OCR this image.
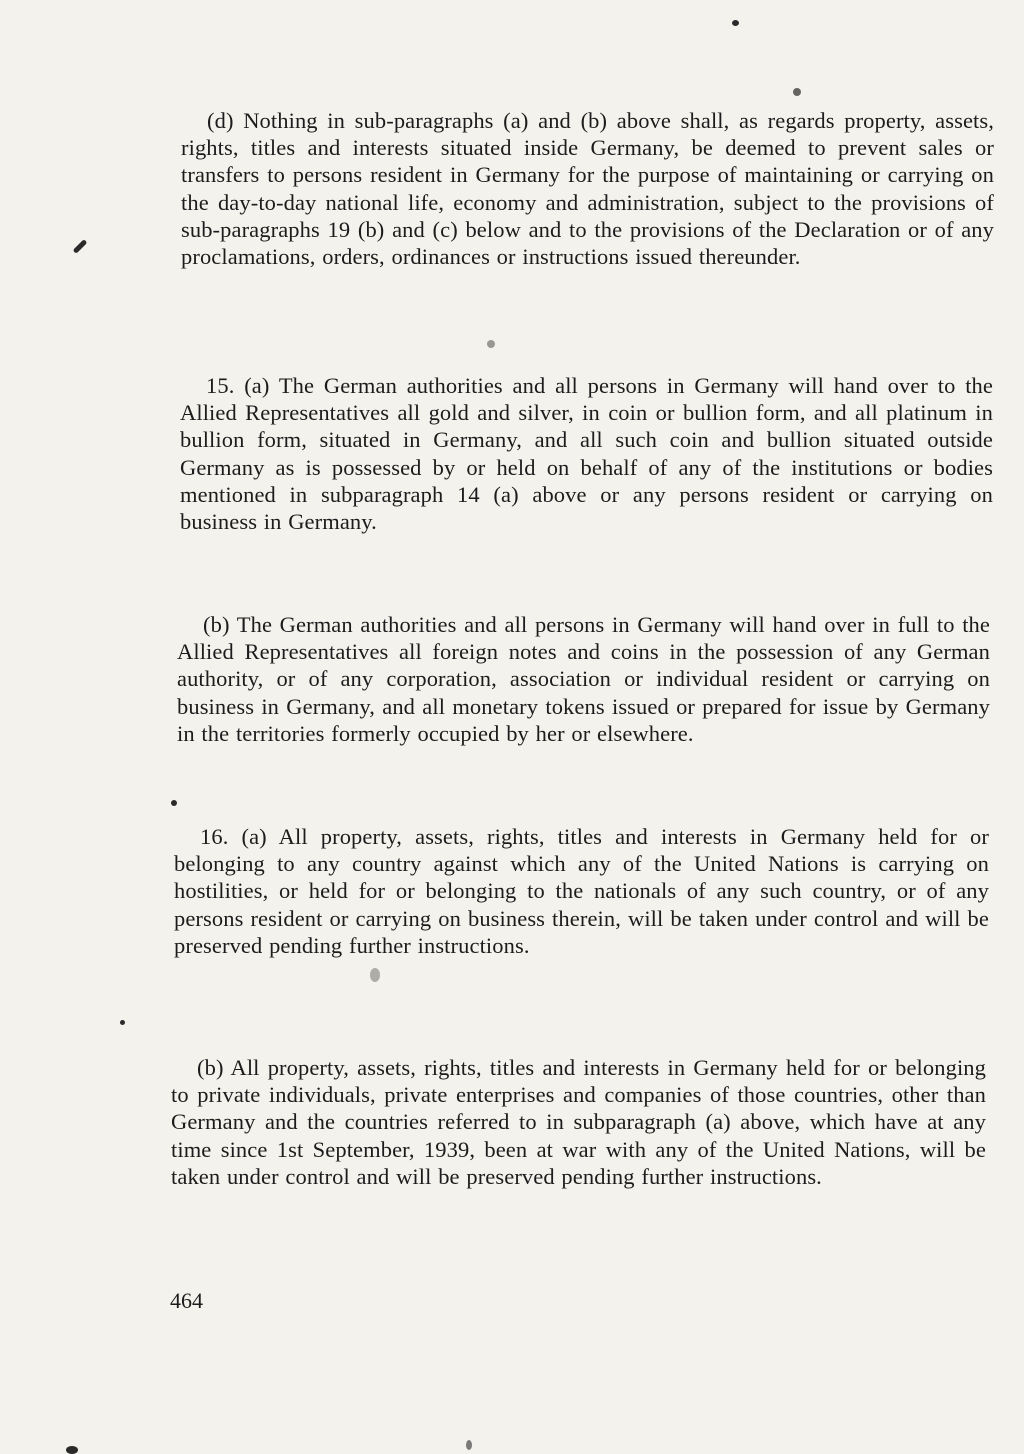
(d) Nothing in sub-paragraphs (a) and (b) above shall, as regards property, assets, rights, titles and interests situated inside Germany, be deemed to prevent sales or transfers to persons resident in Germany for the purpose of maintaining or carrying on the day-to-day national life, economy and administration, subject to the provisions of sub-paragraphs 19 (b) and (c) below and to the provisions of the Declaration or of any proclamations, orders, ordinances or instructions issued thereunder.

15. (a) The German authorities and all persons in Germany will hand over to the Allied Representatives all gold and silver, in coin or bullion form, and all platinum in bullion form, situated in Germany, and all such coin and bullion situated outside Germany as is possessed by or held on behalf of any of the institutions or bodies mentioned in subparagraph 14 (a) above or any persons resident or carrying on business in Germany.

(b) The German authorities and all persons in Germany will hand over in full to the Allied Representatives all foreign notes and coins in the possession of any German authority, or of any corporation, association or individual resident or carrying on business in Germany, and all monetary tokens issued or prepared for issue by Germany in the territories formerly occupied by her or elsewhere.

16. (a) All property, assets, rights, titles and interests in Germany held for or belonging to any country against which any of the United Nations is carrying on hostilities, or held for or belonging to the nationals of any such country, or of any persons resident or carrying on business therein, will be taken under control and will be preserved pending further instructions.

(b) All property, assets, rights, titles and interests in Germany held for or belonging to private individuals, private enterprises and companies of those countries, other than Germany and the countries referred to in subparagraph (a) above, which have at any time since 1st September, 1939, been at war with any of the United Nations, will be taken under control and will be preserved pending further instructions.

464
